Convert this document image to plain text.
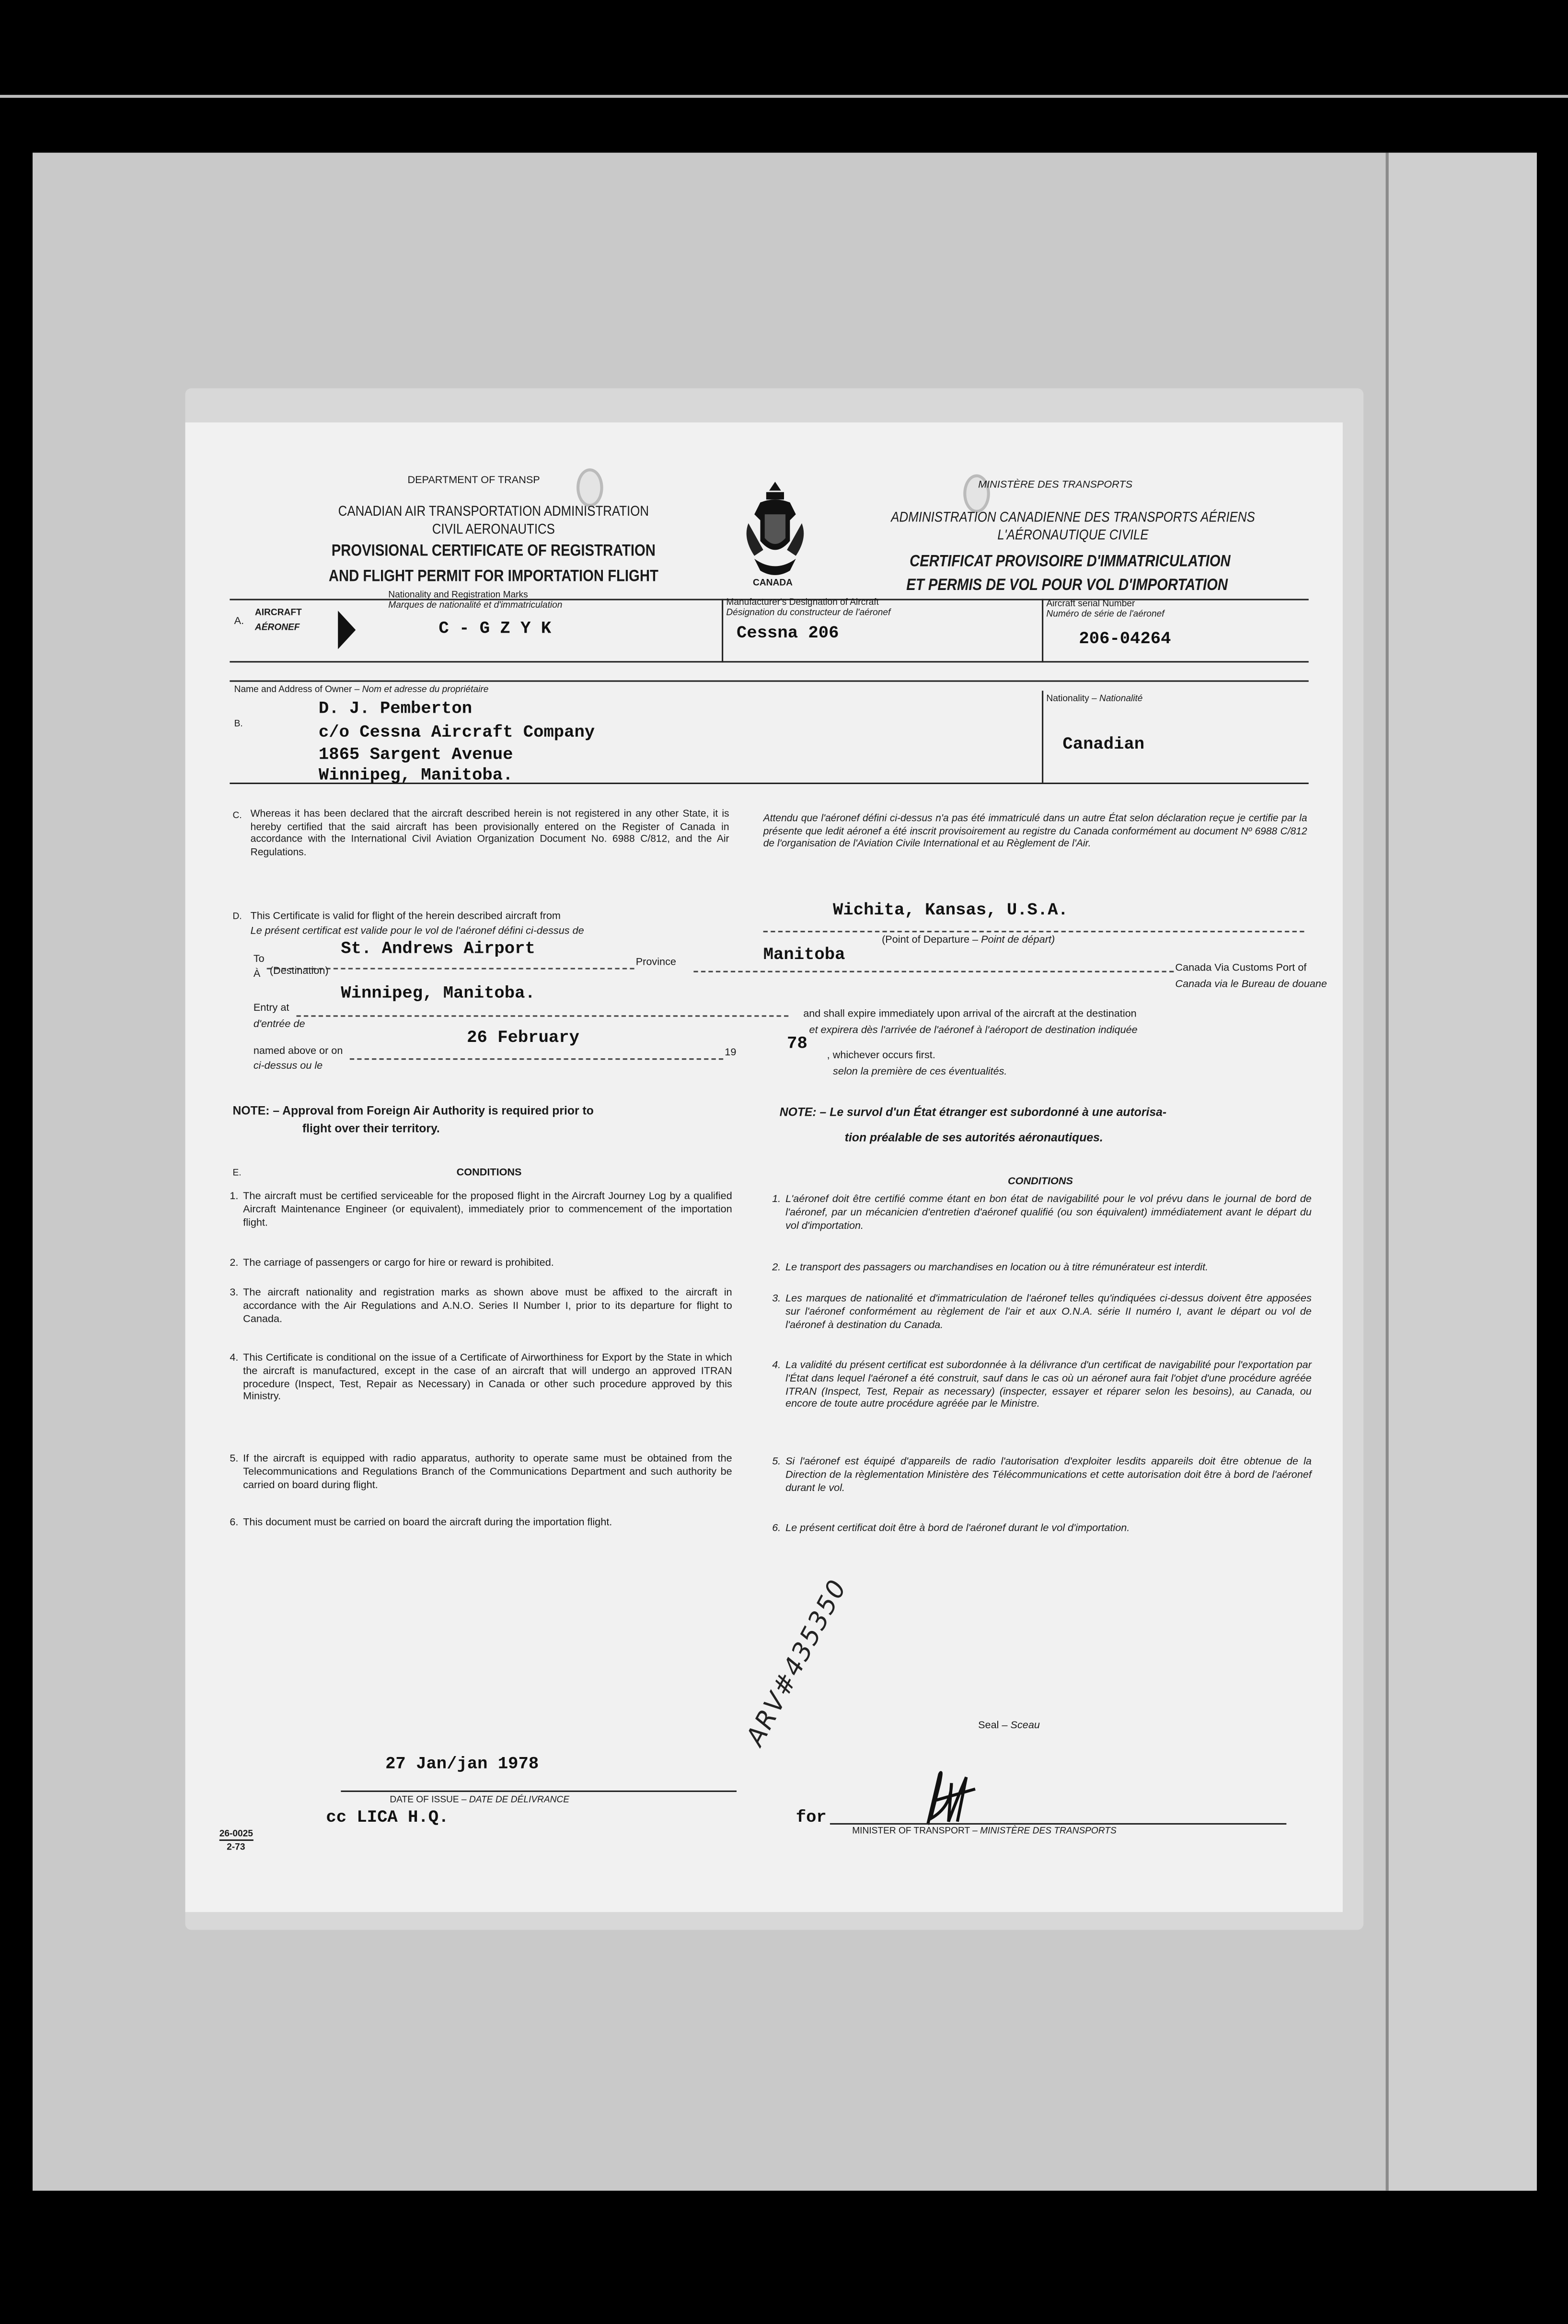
DEPARTMENT OF TRANSP
CANADIAN AIR TRANSPORTATION ADMINISTRATION
CIVIL AERONAUTICS
PROVISIONAL CERTIFICATE OF REGISTRATION
AND FLIGHT PERMIT FOR IMPORTATION FLIGHT	CANADA
MINISTÈRE DES TRANSPORTS
ADMINISTRATION CANADIENNE DES TRANSPORTS AÉRIENS
L'AÉRONAUTIQUE CIVILE
CERTIFICAT PROVISOIRE D'IMMATRICULATION
ET PERMIS DE VOL POUR VOL D'IMPORTATION
A.
AIRCRAFT
AÉRONEF
Nationality and Registration Marks
Marques de nationalité et d'immatriculation
C - G Z Y K
Manufacturer's Designation of Aircraft
Désignation du constructeur de l'aéronef
Cessna 206
Aircraft serial Number
Numéro de série de l'aéronef
206-04264
Name and Address of Owner – Nom et adresse du propriétaire
B.
D. J. Pemberton
c/o Cessna Aircraft Company
1865 Sargent Avenue
Winnipeg, Manitoba.
Nationality – Nationalité
Canadian
C.	Whereas it has been declared that the aircraft described herein is not registered in any other State, it is hereby certified that the said aircraft has been provisionally entered on the Register of Canada in accordance with the International Civil Aviation Organization Document No. 6988 C/812, and the Air Regulations.
Attendu que l'aéronef défini ci-dessus n'a pas été immatriculé dans un autre État selon déclaration reçue je certifie par la présente que ledit aéronef a été inscrit provisoirement au registre du Canada conformément au document Nº 6988 C/812 de l'organisation de l'Aviation Civile International et au Règlement de l'Air.
D.	This Certificate is valid for flight of the herein described aircraft from
Le présent certificat est valide pour le vol de l'aéronef défini ci-dessus de
Wichita, Kansas, U.S.A.
(Point of Departure – Point de départ)
St. Andrews Airport
To	Province	Manitoba
Canada Via Customs Port of
Canada via le Bureau de douane
À	(Destination)
Winnipeg, Manitoba.
Entry at
d'entrée de
and shall expire immediately upon arrival of the aircraft at the destination
et expirera dès l'arrivée de l'aéronef à l'aéroport de destination indiquée
26 February	78
named above or on	19	, whichever occurs first.
ci-dessus ou le
selon la première de ces éventualités.
NOTE: – Approval from Foreign Air Authority is required prior to
flight over their territory.
NOTE: – Le survol d'un État étranger est subordonné à une autorisa-
tion préalable de ses autorités aéronautiques.
E.	CONDITIONS
CONDITIONS
1. The aircraft must be certified serviceable for the proposed flight in the Aircraft Journey Log by a qualified Aircraft Maintenance Engineer (or equivalent), immediately prior to commencement of the importation flight.
2. The carriage of passengers or cargo for hire or reward is prohibited.
3. The aircraft nationality and registration marks as shown above must be affixed to the aircraft in accordance with the Air Regulations and A.N.O. Series II Number I, prior to its departure for flight to Canada.
4. This Certificate is conditional on the issue of a Certificate of Airworthiness for Export by the State in which the aircraft is manufactured, except in the case of an aircraft that will undergo an approved ITRAN procedure (Inspect, Test, Repair as Necessary) in Canada or other such procedure approved by this Ministry.
5. If the aircraft is equipped with radio apparatus, authority to operate same must be obtained from the Telecommunications and Regulations Branch of the Communications Department and such authority be carried on board during flight.
6. This document must be carried on board the aircraft during the importation flight.
1. L'aéronef doit être certifié comme étant en bon état de navigabilité pour le vol prévu dans le journal de bord de l'aéronef, par un mécanicien d'entretien d'aéronef qualifié (ou son équivalent) immédiatement avant le départ du vol d'importation.
2. Le transport des passagers ou marchandises en location ou à titre rémunérateur est interdit.
3. Les marques de nationalité et d'immatriculation de l'aéronef telles qu'indiquées ci-dessus doivent être apposées sur l'aéronef conformément au règlement de l'air et aux O.N.A. série II numéro I, avant le départ ou vol de l'aéronef à destination du Canada.
4. La validité du présent certificat est subordonnée à la délivrance d'un certificat de navigabilité pour l'exportation par l'État dans lequel l'aéronef a été construit, sauf dans le cas où un aéronef aura fait l'objet d'une procédure agréée ITRAN (Inspect, Test, Repair as necessary) (inspecter, essayer et réparer selon les besoins), au Canada, ou encore de toute autre procédure agréée par le Ministre.
5. Si l'aéronef est équipé d'appareils de radio l'autorisation d'exploiter lesdits appareils doit être obtenue de la Direction de la règlementation Ministère des Télécommunications et cette autorisation doit être à bord de l'aéronef durant le vol.
6. Le présent certificat doit être à bord de l'aéronef durant le vol d'importation.
ARV#435350	Seal – Sceau
27 Jan/jan 1978
DATE OF ISSUE – DATE DE DÉLIVRANCE
cc LICA H.Q.
26-0025
2-73
for
MINISTER OF TRANSPORT – MINISTÈRE DES TRANSPORTS
